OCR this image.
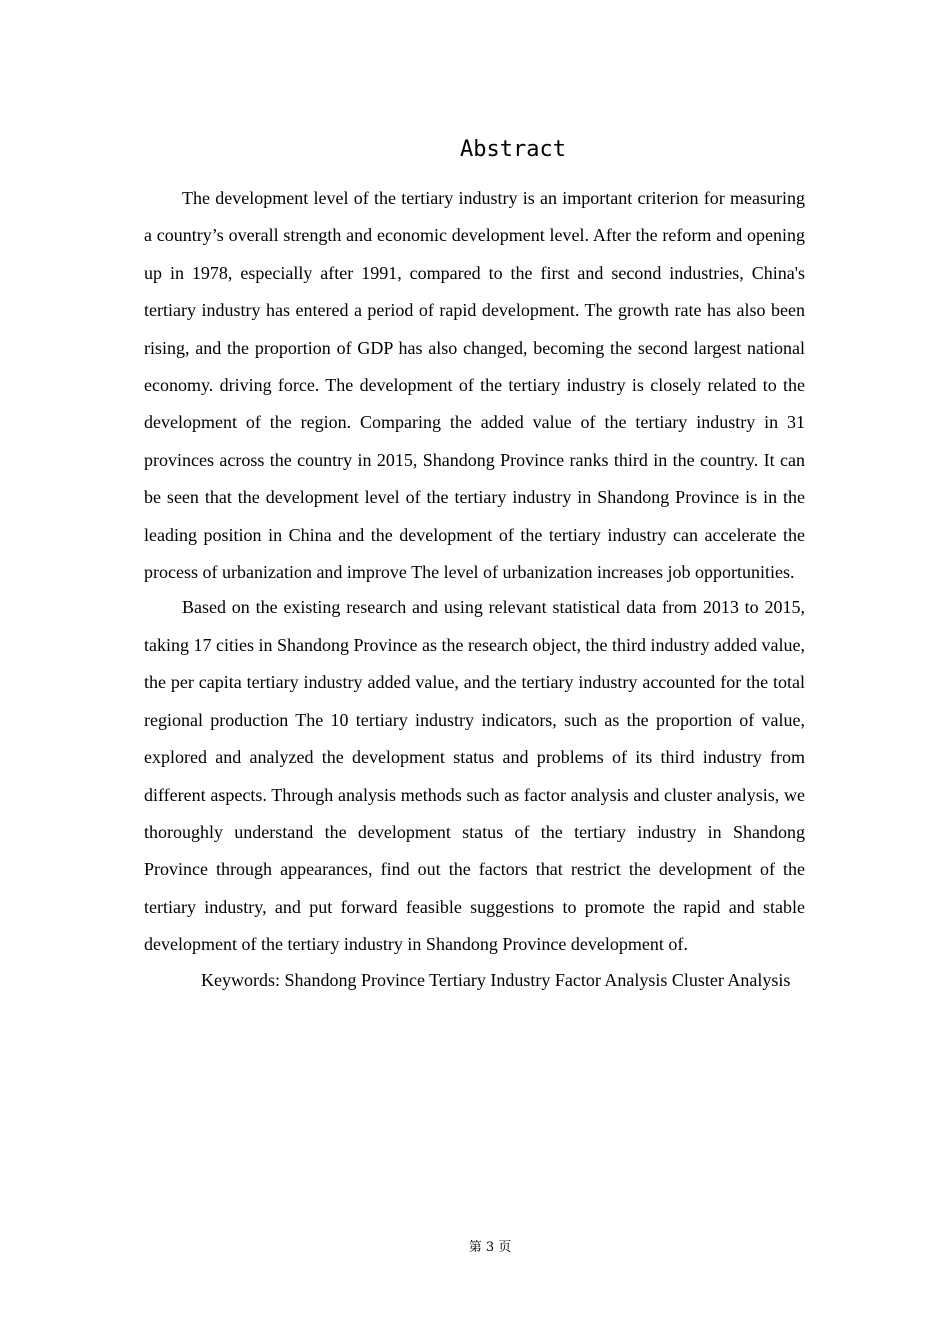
Abstract

The development level of the tertiary industry is an important criterion for measuring a country’s overall strength and economic development level. After the reform and opening up in 1978, especially after 1991, compared to the first and second industries, China's tertiary industry has entered a period of rapid development. The growth rate has also been rising, and the proportion of GDP has also changed, becoming the second largest national economy. driving force. The development of the tertiary industry is closely related to the development of the region. Comparing the added value of the tertiary industry in 31 provinces across the country in 2015, Shandong Province ranks third in the country. It can be seen that the development level of the tertiary industry in Shandong Province is in the leading position in China and the development of the tertiary industry can accelerate the process of urbanization and improve The level of urbanization increases job opportunities.

Based on the existing research and using relevant statistical data from 2013 to 2015, taking 17 cities in Shandong Province as the research object, the third industry added value, the per capita tertiary industry added value, and the tertiary industry accounted for the total regional production The 10 tertiary industry indicators, such as the proportion of value, explored and analyzed the development status and problems of its third industry from different aspects. Through analysis methods such as factor analysis and cluster analysis, we thoroughly understand the development status of the tertiary industry in Shandong Province through appearances, find out the factors that restrict the development of the tertiary industry, and put forward feasible suggestions to promote the rapid and stable development of the tertiary industry in Shandong Province development of.

Keywords: Shandong Province Tertiary Industry Factor Analysis Cluster Analysis

第 3 页
